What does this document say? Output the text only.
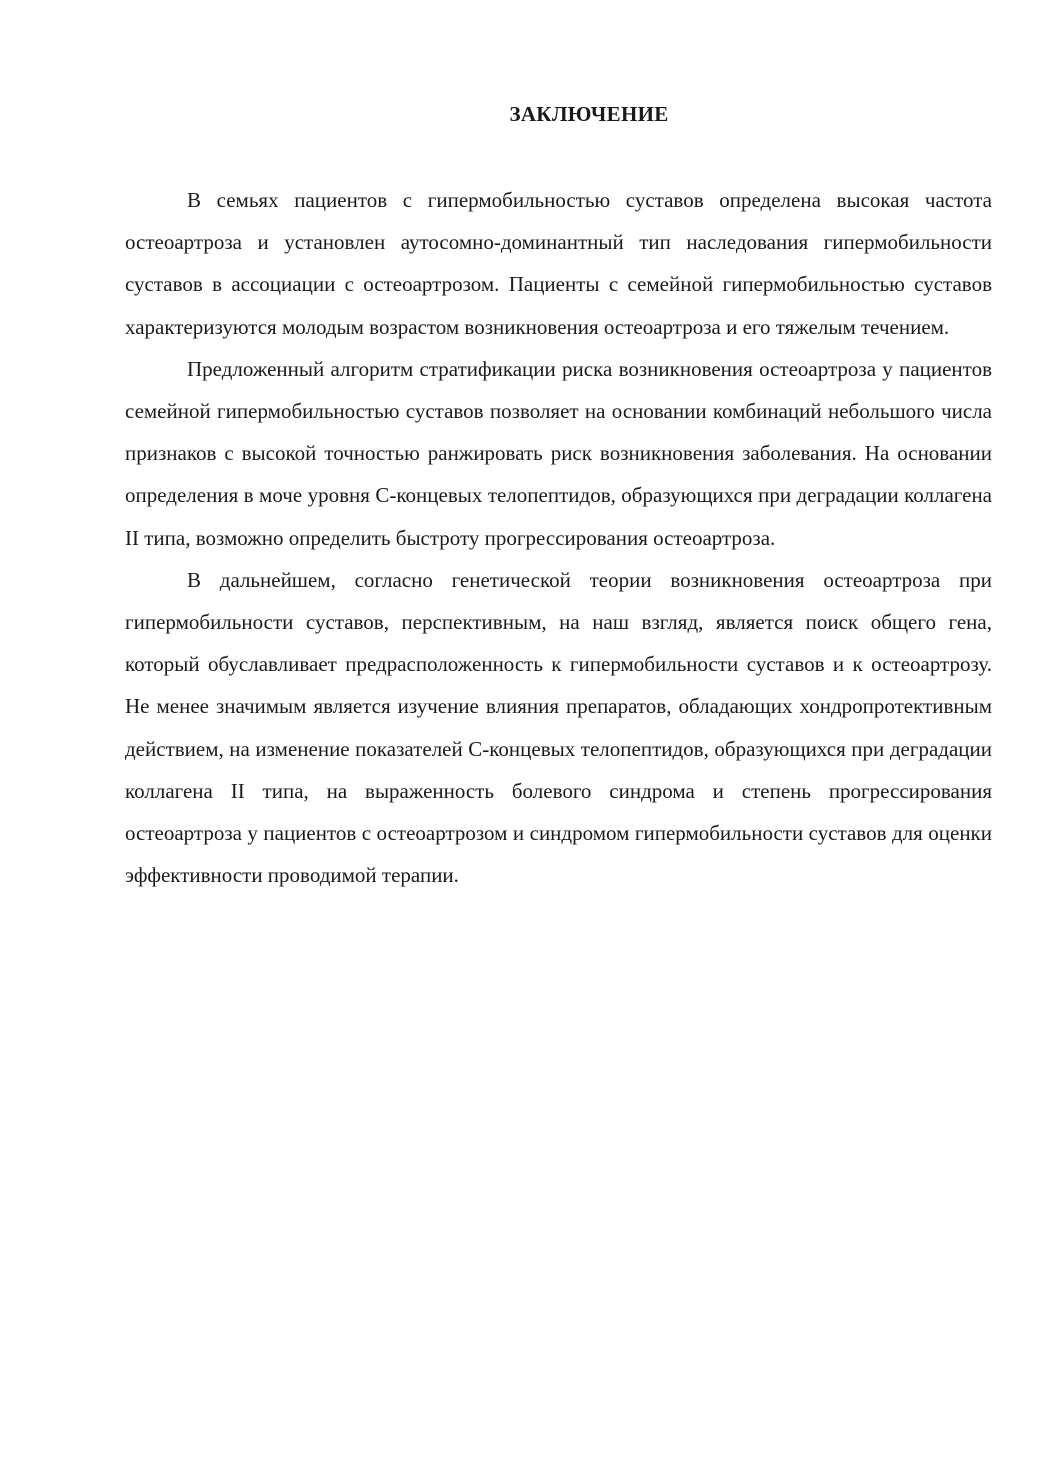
ЗАКЛЮЧЕНИЕ

В семьях пациентов с гипермобильностью суставов определена высокая частота остеоартроза и установлен аутосомно-доминантный тип наследования гипермобильности суставов в ассоциации с остеоартрозом. Пациенты с семейной гипермобильностью суставов характеризуются молодым возрастом возникновения остеоартроза и его тяжелым течением.

Предложенный алгоритм стратификации риска возникновения остеоартроза у пациентов семейной гипермобильностью суставов позволяет на основании комбинаций небольшого числа признаков с высокой точностью ранжировать риск возникновения заболевания. На основании определения в моче уровня С-концевых телопептидов, образующихся при деградации коллагена II типа, возможно определить быстроту прогрессирования остеоартроза.

В дальнейшем, согласно генетической теории возникновения остеоартроза при гипермобильности суставов, перспективным, на наш взгляд, является поиск общего гена, который обуславливает предрасположенность к гипермобильности суставов и к остеоартрозу. Не менее значимым является изучение влияния препаратов, обладающих хондропротективным действием, на изменение показателей С-концевых телопептидов, образующихся при деградации коллагена II типа, на выраженность болевого синдрома и степень прогрессирования остеоартроза у пациентов с остеоартрозом и синдромом гипермобильности суставов для оценки эффективности проводимой терапии.
